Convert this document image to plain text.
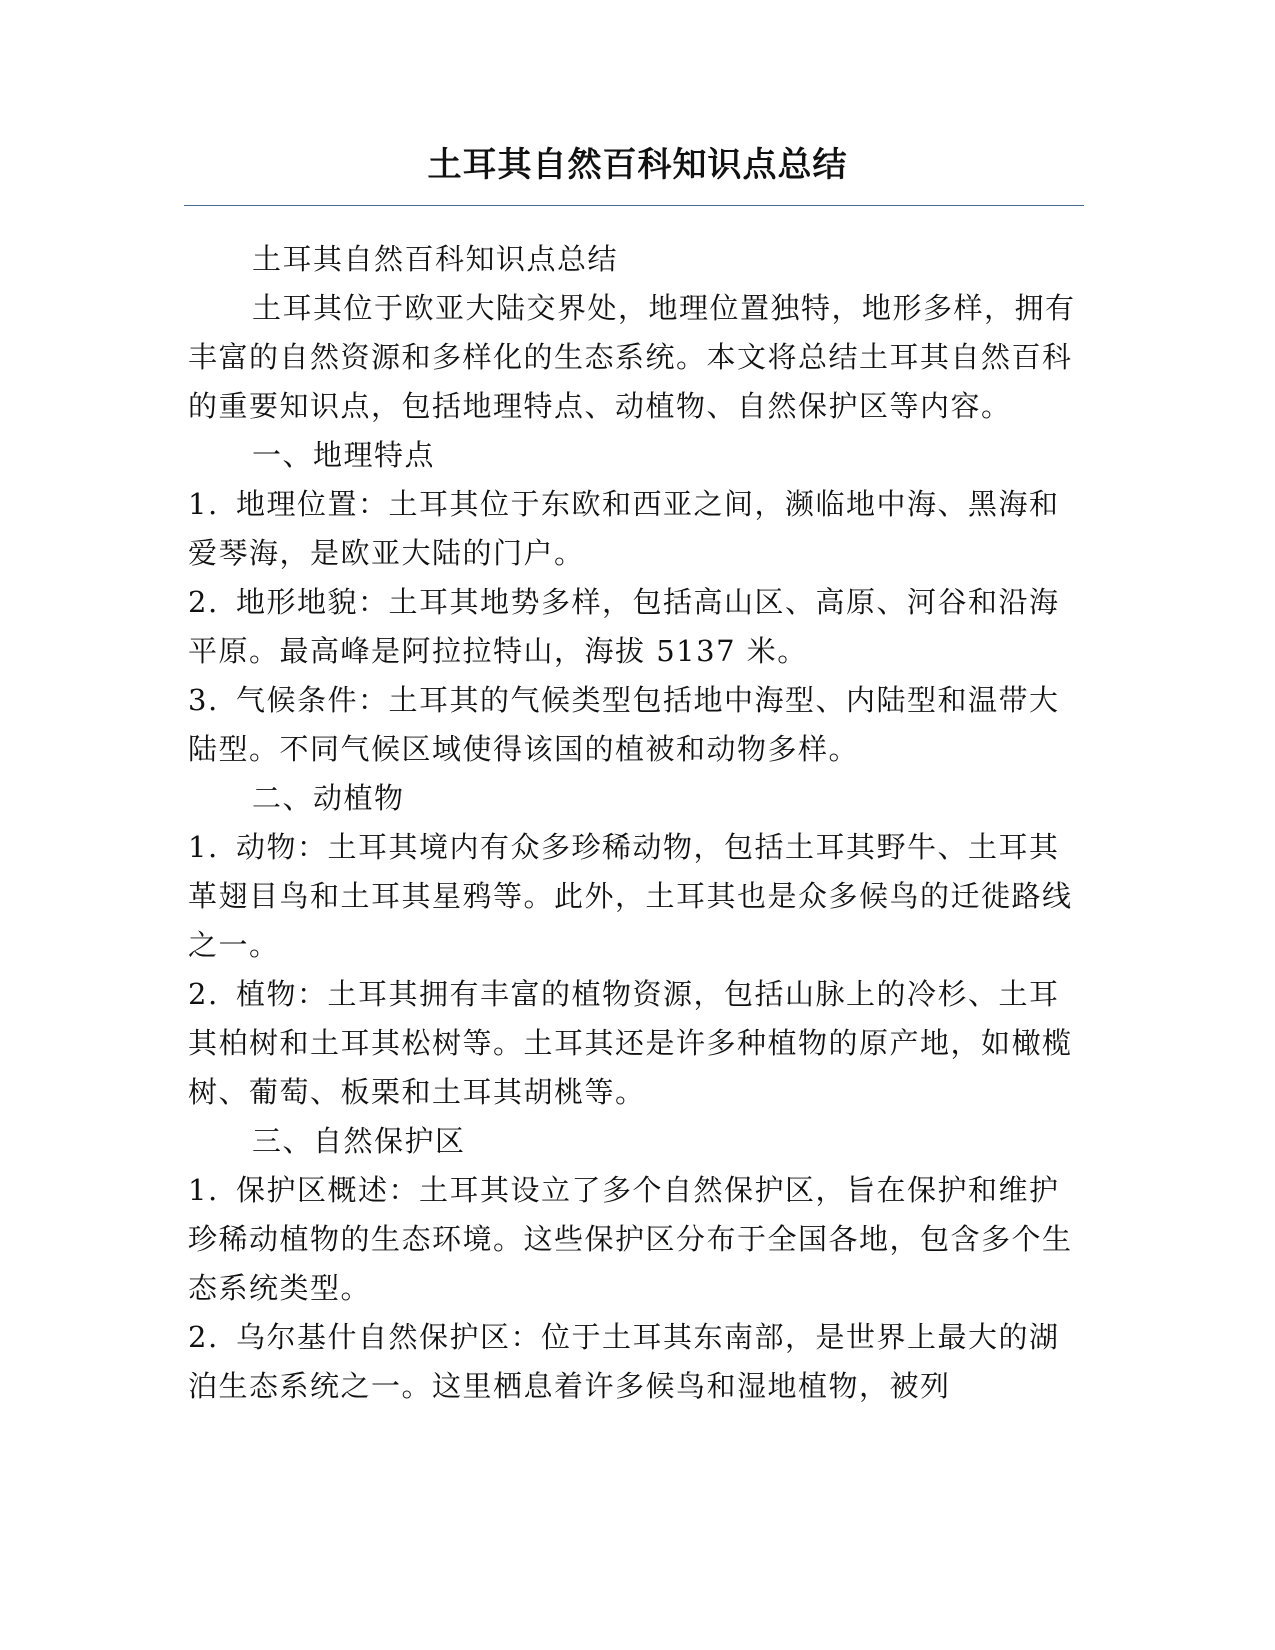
土耳其自然百科知识点总结

土耳其自然百科知识点总结

土耳其位于欧亚大陆交界处，地理位置独特，地形多样，拥有丰富的自然资源和多样化的生态系统。本文将总结土耳其自然百科的重要知识点，包括地理特点、动植物、自然保护区等内容。

一、地理特点

1. 地理位置：土耳其位于东欧和西亚之间，濒临地中海、黑海和爱琴海，是欧亚大陆的门户。

2. 地形地貌：土耳其地势多样，包括高山区、高原、河谷和沿海平原。最高峰是阿拉拉特山，海拔 5137 米。

3. 气候条件：土耳其的气候类型包括地中海型、内陆型和温带大陆型。不同气候区域使得该国的植被和动物多样。

二、动植物

1. 动物：土耳其境内有众多珍稀动物，包括土耳其野牛、土耳其革翅目鸟和土耳其星鸦等。此外，土耳其也是众多候鸟的迁徙路线之一。

2. 植物：土耳其拥有丰富的植物资源，包括山脉上的冷杉、土耳其柏树和土耳其松树等。土耳其还是许多种植物的原产地，如橄榄树、葡萄、板栗和土耳其胡桃等。

三、自然保护区

1. 保护区概述：土耳其设立了多个自然保护区，旨在保护和维护珍稀动植物的生态环境。这些保护区分布于全国各地，包含多个生态系统类型。

2. 乌尔基什自然保护区：位于土耳其东南部，是世界上最大的湖泊生态系统之一。这里栖息着许多候鸟和湿地植物，被列
